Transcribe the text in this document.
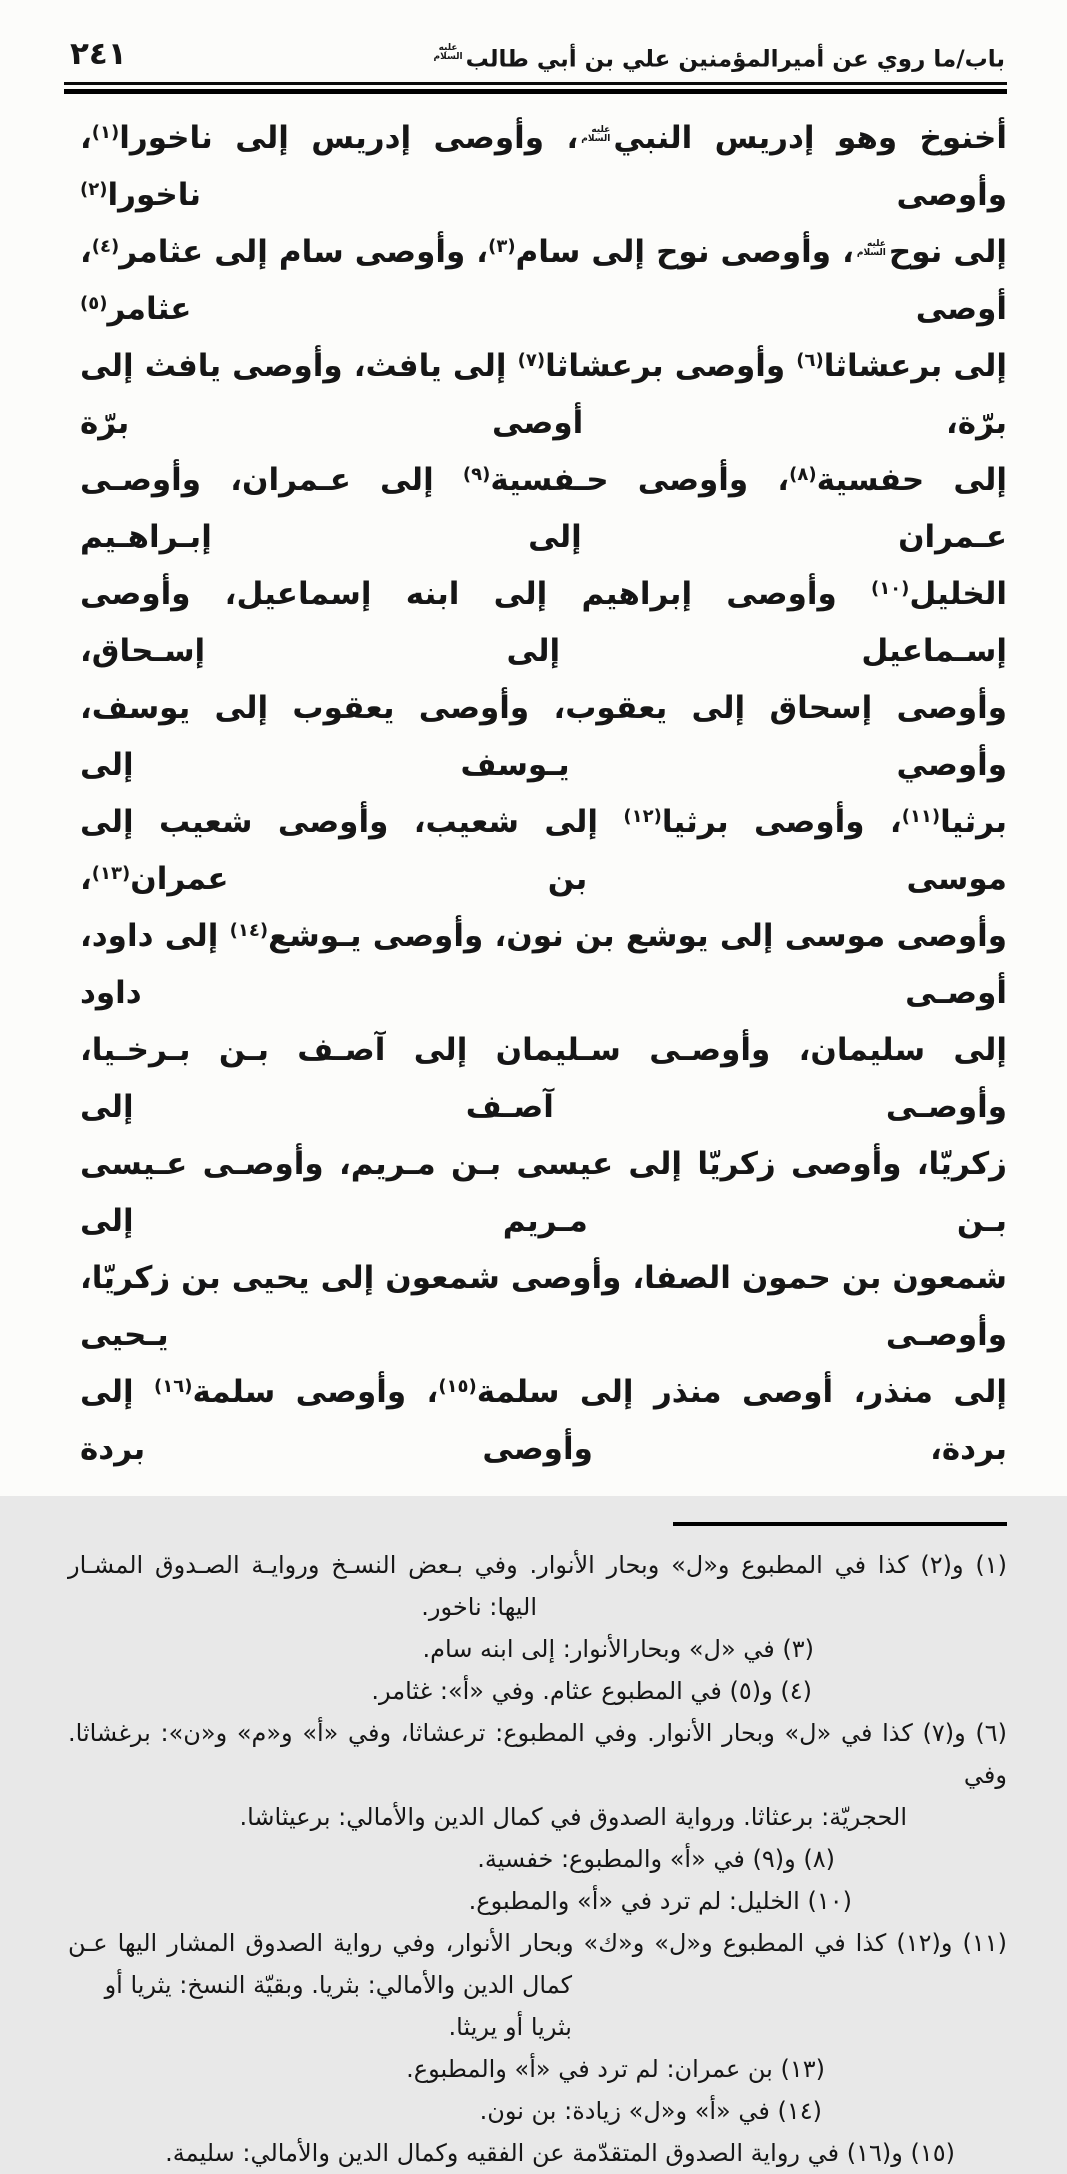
باب/ما روي عن أميرالمؤمنين علي بن أبي طالب
عليه
السلام
٢٤١
أخنوخ وهو إدريس النبي
عليه
السلام
، وأوصى إدريس إلى ناخورا$^{(١)}$، وأوصى ناخورا$^{(٢)}$
إلى نوح
عليه
السلام
، وأوصى نوح إلى سام$^{(٣)}$، وأوصى سام إلى عثامر$^{(٤)}$، أوصى عثامر$^{(٥)}$
إلى برعشاثا$^{(٦)}$ وأوصى برعشاثا$^{(٧)}$ إلى يافث، وأوصى يافث إلى برّة، أوصى برّة
إلى حفسية$^{(٨)}$، وأوصى حـفسية$^{(٩)}$ إلى عـمران، وأوصـى عـمران إلى إبـراهـيم
الخليل$^{(١٠)}$ وأوصى إبراهيم إلى ابنه إسماعيل، وأوصى إسـماعيل إلى إسـحاق،
وأوصى إسحاق إلى يعقوب، وأوصى يعقوب إلى يوسف، وأوصي يـوسف إلى
برثيا$^{(١١)}$، وأوصى برثيا$^{(١٢)}$ إلى شعيب، وأوصى شعيب إلى موسى بن عمران$^{(١٣)}$،
وأوصى موسى إلى يوشع بن نون، وأوصى يـوشع$^{(١٤)}$ إلى داود، أوصـى داود
إلى سليمان، وأوصـى سـليمان إلى آصـف بـن بـرخـيا، وأوصـى آصـف إلى
زكريّا، وأوصى زكريّا إلى عيسى بـن مـريم، وأوصـى عـيسى بـن مـريم إلى
شمعون بن حمون الصفا، وأوصى شمعون إلى يحيى بن زكريّا، وأوصـى يـحيى
إلى منذر، أوصى منذر إلى سلمة$^{(١٥)}$، وأوصى سلمة$^{(١٦)}$ إلى بردة، وأوصى بردة
(١) و(٢) كذا في المطبوع و«ل» وبحار الأنوار. وفي بـعض النسـخ وروايـة الصـدوق المشـار
اليها: ناخور.
(٣) في «ل» وبحارالأنوار: إلى ابنه سام.
(٤) و(٥) في المطبوع عثام. وفي «أ»: غثامر.
(٦) و(٧) كذا في «ل» وبحار الأنوار. وفي المطبوع: ترعشاثا، وفي «أ» و«م» و«ن»: برغشاثا. وفي
الحجريّة: برعثاثا. ورواية الصدوق في كمال الدين والأمالي: برعيثاشا.
(٨) و(٩) في «أ» والمطبوع: خفسية.
(١٠) الخليل: لم ترد في «أ» والمطبوع.
(١١) و(١٢) كذا في المطبوع و«ل» و«ك» وبحار الأنوار، وفي رواية الصدوق المشار اليها عـن
كمال الدين والأمالي: بثريا. وبقيّة النسخ: يثريا أو بثريا أو يريثا.
(١٣) بن عمران: لم ترد في «أ» والمطبوع.
(١٤) في «أ» و«ل» زيادة: بن نون.
(١٥) و(١٦) في رواية الصدوق المتقدّمة عن الفقيه وكمال الدين والأمالي: سليمة.
